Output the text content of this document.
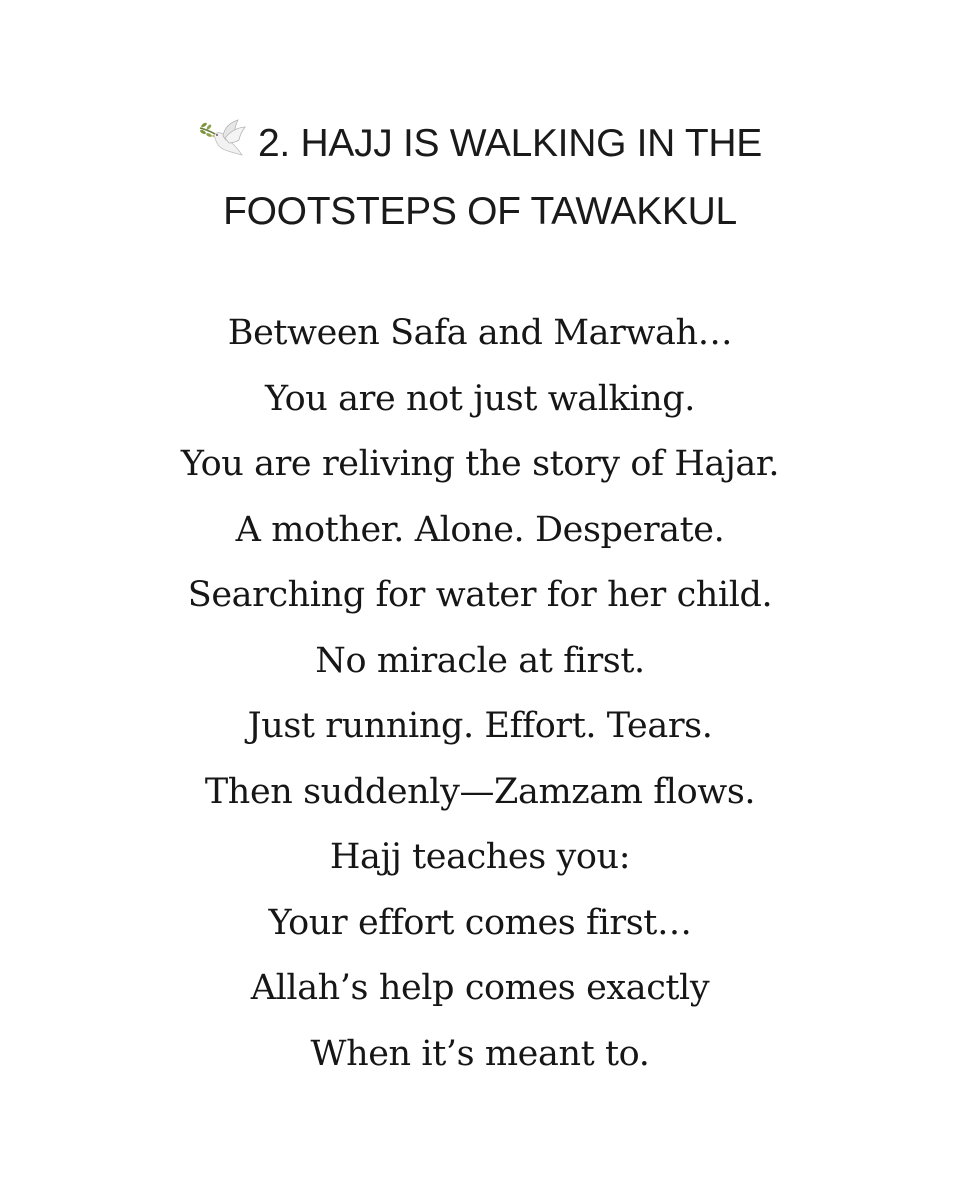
2. HAJJ IS WALKING IN THE
FOOTSTEPS OF TAWAKKUL
Between Safa and Marwah…
You are not just walking.
You are reliving the story of Hajar.
A mother. Alone. Desperate.
Searching for water for her child.
No miracle at first.
Just running. Effort. Tears.
Then suddenly—Zamzam flows.
Hajj teaches you:
Your effort comes first…
Allah’s help comes exactly
When it’s meant to.
